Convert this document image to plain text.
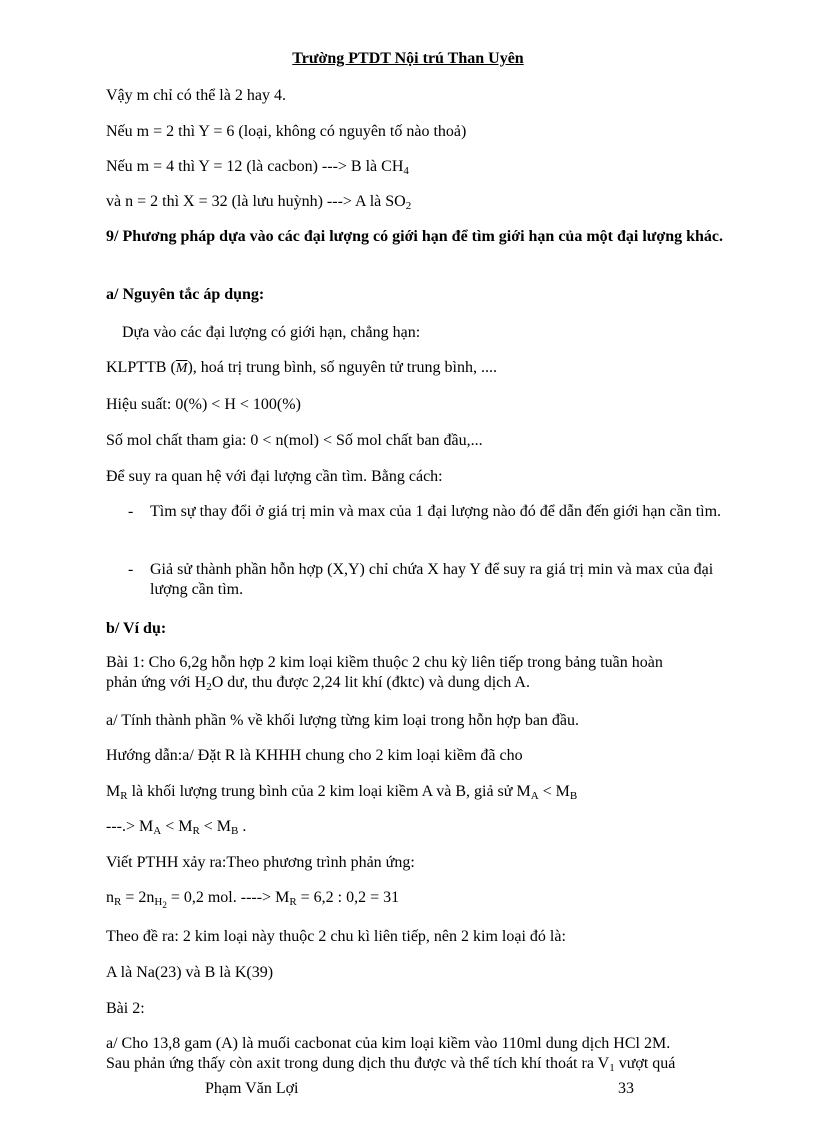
Trường PTDT Nội trú Than Uyên
Vậy m chỉ có thể là 2 hay 4.
Nếu m = 2 thì Y = 6 (loại, không có nguyên tố nào thoả)
Nếu m = 4 thì Y = 12 (là cacbon) ---> B là $CH_4$
và n = 2 thì X = 32 (là lưu huỳnh) ---> A là $SO_2$
9/ Phương pháp dựa vào các đại lượng có giới hạn để tìm giới hạn của một đại lượng khác.
a/ Nguyên tắc áp dụng:
Dựa vào các đại lượng có giới hạn, chẳng hạn:
KLPTTB $(\overline{M})$, hoá trị trung bình, số nguyên tử trung bình, ....
Hiệu suất: 0(%) < H < 100(%)
Số mol chất tham gia: 0 < n(mol) < Số mol chất ban đầu,...
Để suy ra quan hệ với đại lượng cần tìm. Bằng cách:
-	Tìm sự thay đổi ở giá trị min và max của 1 đại lượng nào đó để dẫn đến giới hạn cần tìm.
-	Giả sử thành phần hỗn hợp (X,Y) chỉ chứa X hay Y để suy ra giá trị min và max của đại lượng cần tìm.
b/ Ví dụ:
Bài 1: Cho 6,2g hỗn hợp 2 kim loại kiềm thuộc 2 chu kỳ liên tiếp trong bảng tuần hoàn
phản ứng với $H_2O$ dư, thu được 2,24 lit khí (đktc) và dung dịch A.
a/ Tính thành phần % về khối lượng từng kim loại trong hỗn hợp ban đầu.
Hướng dẫn:a/ Đặt R là KHHH chung cho 2 kim loại kiềm đã cho
$M_R$ là khối lượng trung bình của 2 kim loại kiềm A và B, giả sử $M_A < M_B$
---.> $M_A < M_R < M_B$ .
Viết PTHH xảy ra:Theo phương trình phản ứng:
$n_R = 2n_{H_2} = 0,2$ mol. ----> $M_R = 6,2$ : 0,2 = 31
Theo đề ra: 2 kim loại này thuộc 2 chu kì liên tiếp, nên 2 kim loại đó là:
A là Na(23) và B là K(39)
Bài 2:
a/ Cho 13,8 gam (A) là muối cacbonat của kim loại kiềm vào 110ml dung dịch HCl 2M.
Sau phản ứng thấy còn axit trong dung dịch thu được và thể tích khí thoát ra $V_1$ vượt quá
Phạm Văn Lợi	33
